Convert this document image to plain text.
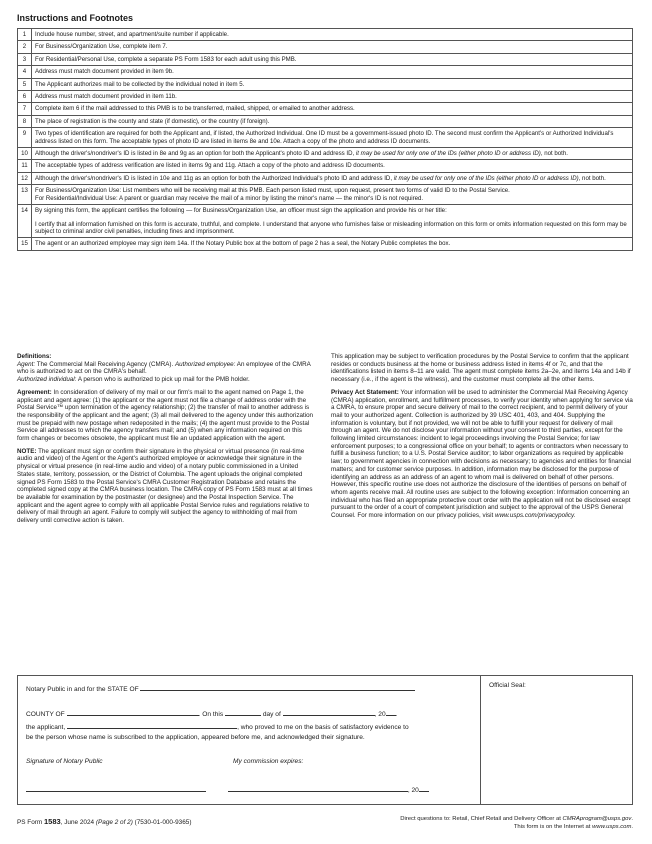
Instructions and Footnotes
1	Include house number, street, and apartment/suite number if applicable.
2	For Business/Organization Use, complete item 7.
3	For Residential/Personal Use, complete a separate PS Form 1583 for each adult using this PMB.
4	Address must match document provided in item 9b.
5	The Applicant authorizes mail to be collected by the individual noted in item 5.
6	Address must match document provided in item 11b.
7	Complete item 6 if the mail addressed to this PMB is to be transferred, mailed, shipped, or emailed to another address.
8	The place of registration is the county and state (if domestic), or the country (if foreign).
9	Two types of identification are required for both the Applicant and, if listed, the Authorized Individual. One ID must be a government-issued photo ID. The second must confirm the Applicant's or Authorized Individual's address listed on this form. The acceptable types of photo ID are listed in items 8e and 10e. Attach a copy of the photo and address ID documents.
10	Although the driver's/nondriver's ID is listed in 8e and 9g as an option for both the Applicant's photo ID and address ID, it may be used for only one of the IDs (either photo ID or address ID), not both.
11	The acceptable types of address verification are listed in items 9g and 11g. Attach a copy of the photo and address ID documents.
12	Although the driver's/nondriver's ID is listed in 10e and 11g as an option for both the Authorized Individual's photo ID and address ID, it may be used for only one of the IDs (either photo ID or address ID), not both.
13	For Business/Organization Use: List members who will be receiving mail at this PMB. Each person listed must, upon request, present two forms of valid ID to the Postal Service.
For Residential/Individual Use: A parent or guardian may receive the mail of a minor by listing the minor's name — the minor's ID is not required.

14	By signing this form, the applicant certifies the following — for Business/Organization Use, an officer must sign the application and provide his or her title:
I certify that all information furnished on this form is accurate, truthful, and complete. I understand that anyone who furnishes false or misleading information on this form or omits information requested on this form may be subject to criminal and/or civil penalties, including fines and imprisonment.

15	The agent or an authorized employee may sign item 14a. If the Notary Public box at the bottom of page 2 has a seal, the Notary Public completes the box.

Definitions:
Agent: The Commercial Mail Receiving Agency (CMRA). Authorized employee: An employee of the CMRA who is authorized to act on the CMRA's behalf.
Authorized individual: A person who is authorized to pick up mail for the PMB holder.

Agreement: In consideration of delivery of my mail or our firm's mail to the agent named on Page 1, the applicant and agent agree: (1) the applicant or the agent must not file a change of address order with the Postal Service™ upon termination of the agency relationship; (2) the transfer of mail to another address is the responsibility of the applicant and the agent; (3) all mail delivered to the agency under this authorization must be prepaid with new postage when redeposited in the mails; (4) the agent must provide to the Postal Service all addresses to which the agency transfers mail; and (5) when any information required on this form changes or becomes obsolete, the applicant must file an updated application with the agent.

NOTE: The applicant must sign or confirm their signature in the physical or virtual presence (in real-time audio and video) of the Agent or the Agent's authorized employee or acknowledge their signature in the physical or virtual presence (in real-time audio and video) of a notary public commissioned in a United States state, territory, possession, or the District of Columbia. The agent uploads the original completed signed PS Form 1583 to the Postal Service's CMRA Customer Registration Database and retains the completed signed copy at the CMRA business location. The CMRA copy of PS Form 1583 must at all times be available for examination by the postmaster (or designee) and the Postal Inspection Service. The applicant and the agent agree to comply with all applicable Postal Service rules and regulations relative to delivery of mail through an agent. Failure to comply will subject the agency to withholding of mail from delivery until corrective action is taken.

This application may be subject to verification procedures by the Postal Service to confirm that the applicant resides or conducts business at the home or business address listed in items 4f or 7c, and that the identifications listed in items 8–11 are valid. The agent must complete items 2a–2e, and items 14a and 14b if necessary (i.e., if the agent is the witness), and the customer must complete all the other items.

Privacy Act Statement: Your information will be used to administer the Commercial Mail Receiving Agency (CMRA) application, enrollment, and fulfillment processes, to verify your identity when applying for service via a CMRA, to ensure proper and secure delivery of mail to the correct recipient, and to permit delivery of your mail to your authorized agent. Collection is authorized by 39 USC 401, 403, and 404. Supplying the information is voluntary, but if not provided, we will not be able to fulfill your request for delivery of mail through an agent. We do not disclose your information without your consent to third parties, except for the following limited circumstances: incident to legal proceedings involving the Postal Service; for law enforcement purposes; to a congressional office on your behalf; to agents or contractors when necessary to fulfill a business function; to a U.S. Postal Service auditor; to labor organizations as required by applicable law; to government agencies in connection with decisions as necessary; to agencies and entities for financial matters; and for customer service purposes. In addition, information may be disclosed for the purpose of identifying an address as an address of an agent to whom mail is delivered on behalf of other persons. However, this specific routine use does not authorize the disclosure of the identities of persons on behalf of whom agents receive mail. All routine uses are subject to the following exception: Information concerning an individual who has filed an appropriate protective court order with the application will not be disclosed except pursuant to the order of a court of competent jurisdiction and subject to the approval of the USPS General Counsel. For more information on our privacy policies, visit www.usps.com/privacypolicy.

Notary Public in and for the STATE OF
COUNTY OF	. On this	day of	, 20 .
the applicant,	, who proved to me on the basis of satisfactory evidence to
be the person whose name is subscribed to the application, appeared before me, and acknowledged their signature.
Signature of Notary Public	My commission expires:
, 20
Official Seal:
PS Form 1583, June 2024 (Page 2 of 2) (7530-01-000-9365)	Direct questions to: Retail, Chief Retail and Delivery Officer at CMRAprogram@usps.gov.
This form is on the Internet at www.usps.com.
